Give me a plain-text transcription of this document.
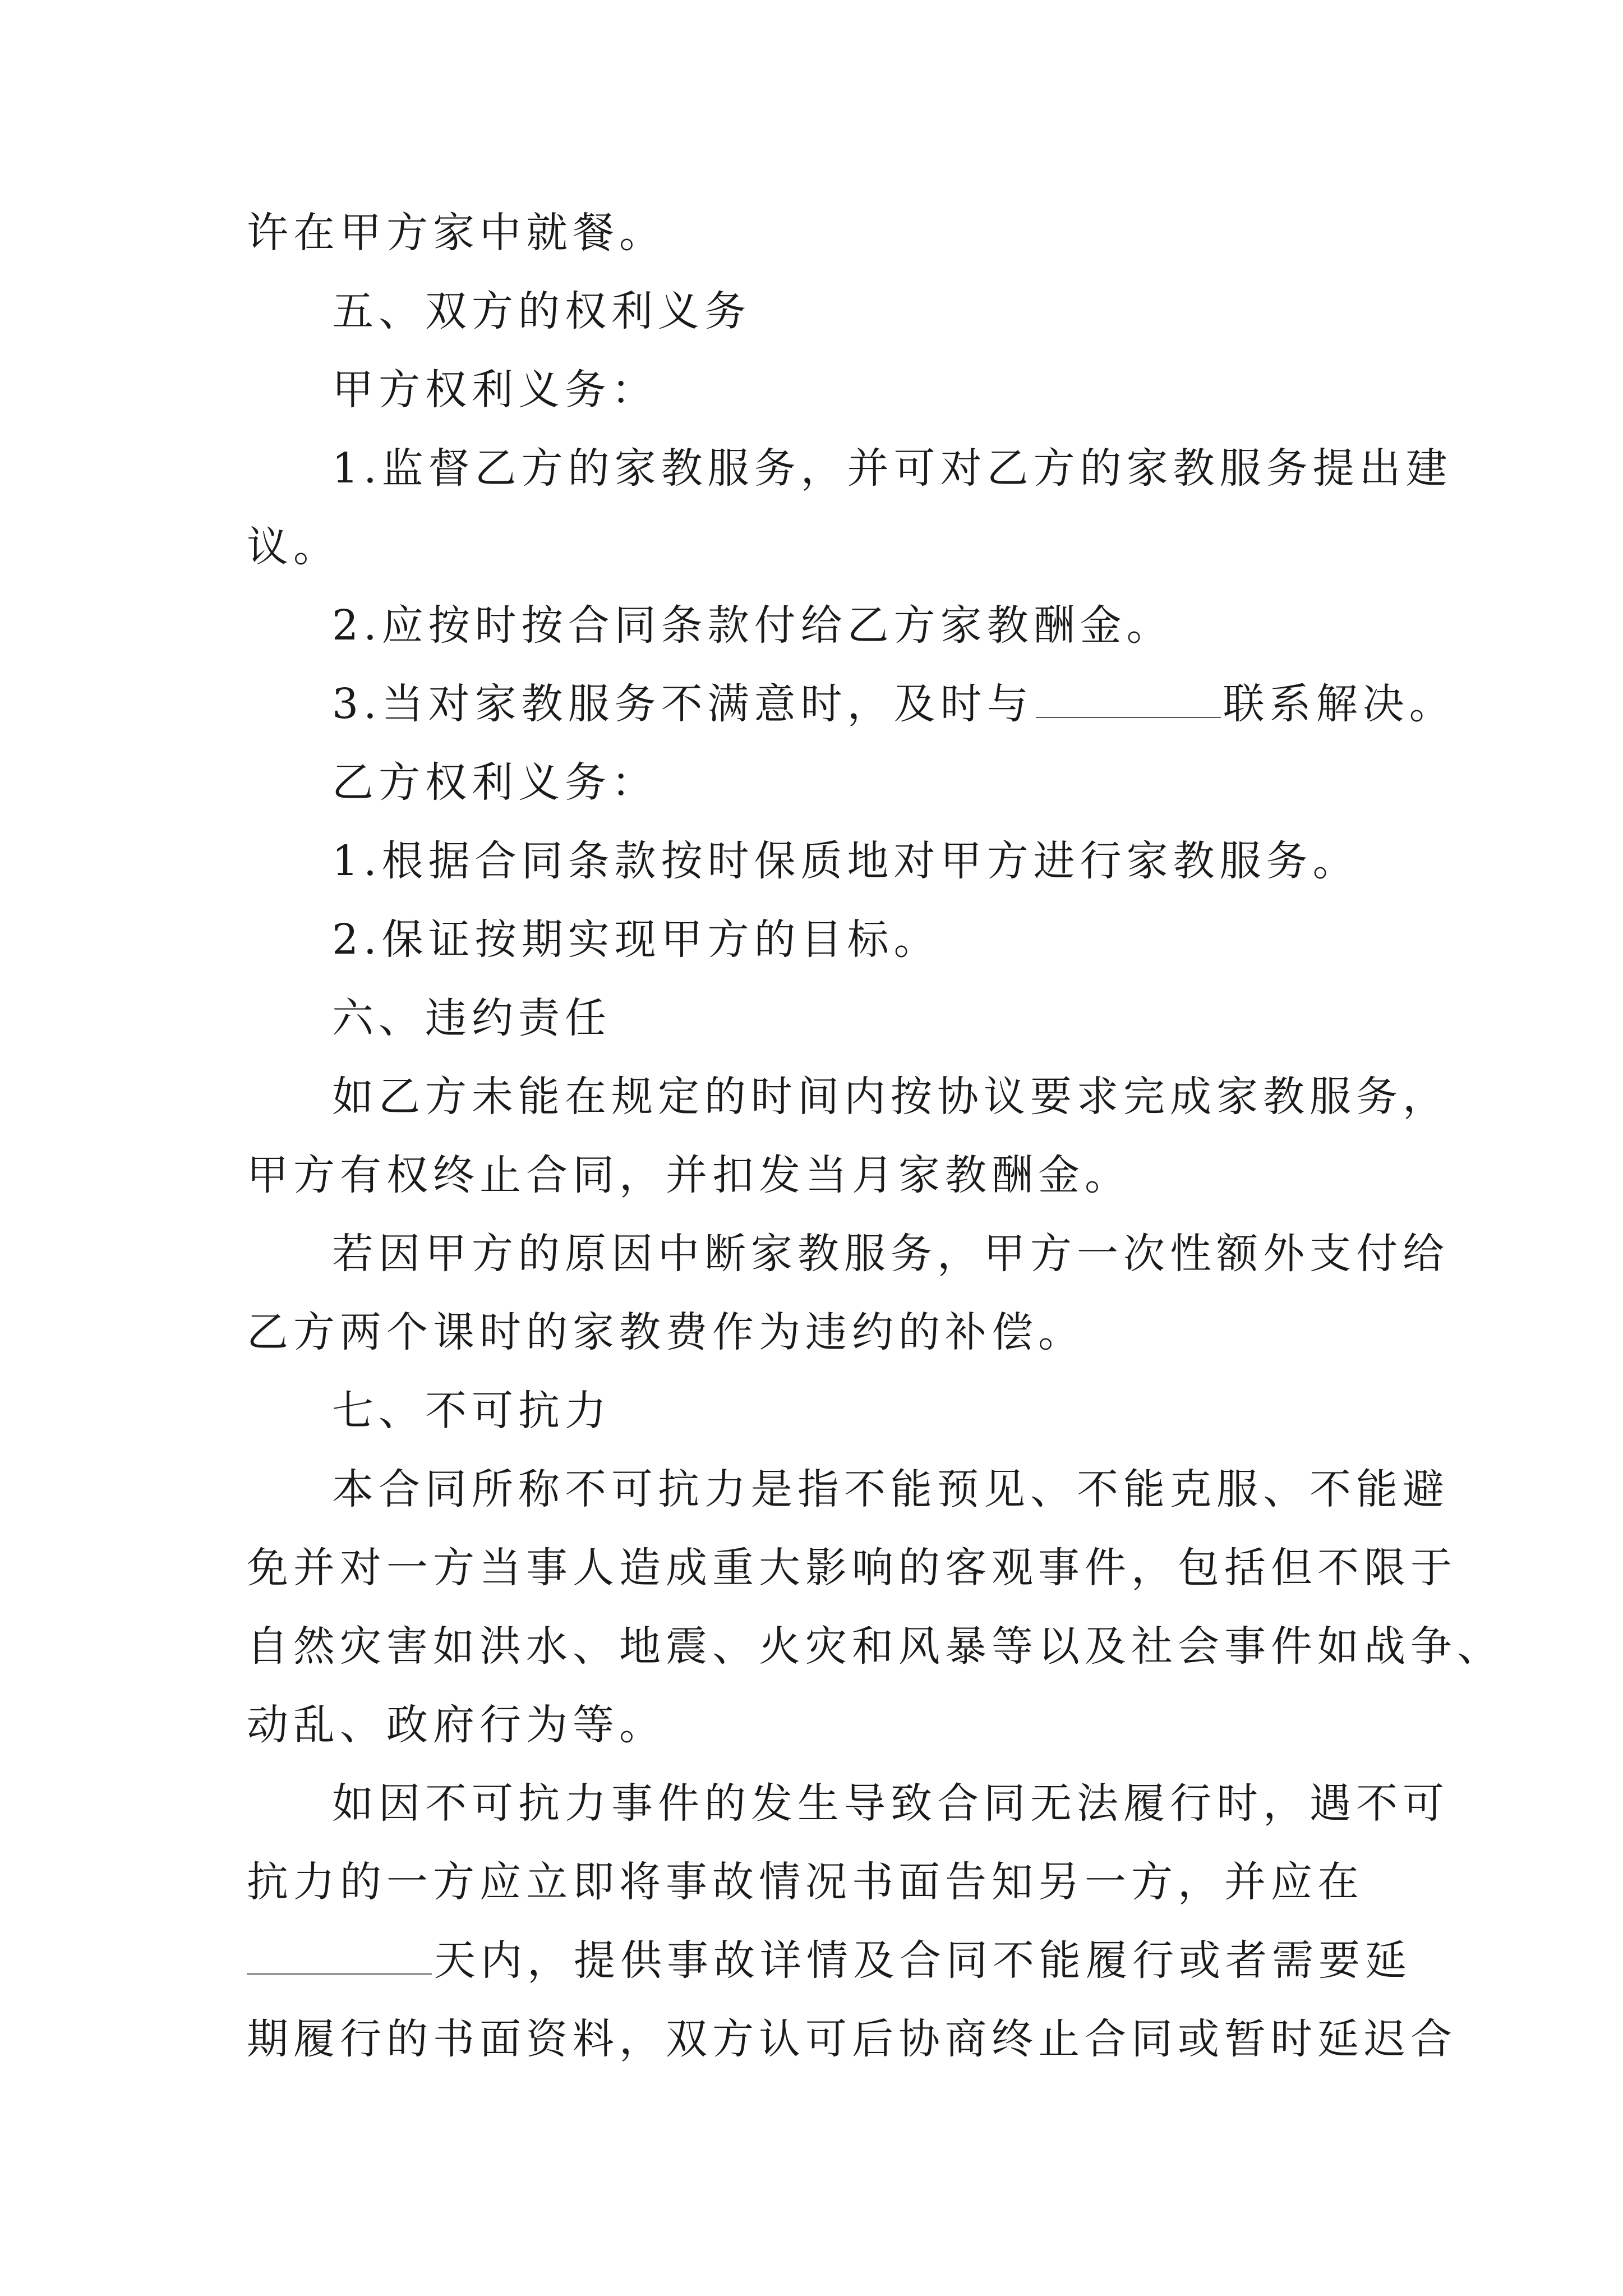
许在甲方家中就餐。
五、双方的权利义务
甲方权利义务：
1.监督乙方的家教服务，并可对乙方的家教服务提出建
议。
2.应按时按合同条款付给乙方家教酬金。
3.当对家教服务不满意时，及时与	联系解决。
乙方权利义务：
1.根据合同条款按时保质地对甲方进行家教服务。
2.保证按期实现甲方的目标。
六、违约责任
如乙方未能在规定的时间内按协议要求完成家教服务，
甲方有权终止合同，并扣发当月家教酬金。
若因甲方的原因中断家教服务，甲方一次性额外支付给
乙方两个课时的家教费作为违约的补偿。
七、不可抗力
本合同所称不可抗力是指不能预见、不能克服、不能避
免并对一方当事人造成重大影响的客观事件，包括但不限于
自然灾害如洪水、地震、火灾和风暴等以及社会事件如战争、
动乱、政府行为等。
如因不可抗力事件的发生导致合同无法履行时，遇不可
抗力的一方应立即将事故情况书面告知另一方，并应在
天内，提供事故详情及合同不能履行或者需要延
期履行的书面资料，双方认可后协商终止合同或暂时延迟合
